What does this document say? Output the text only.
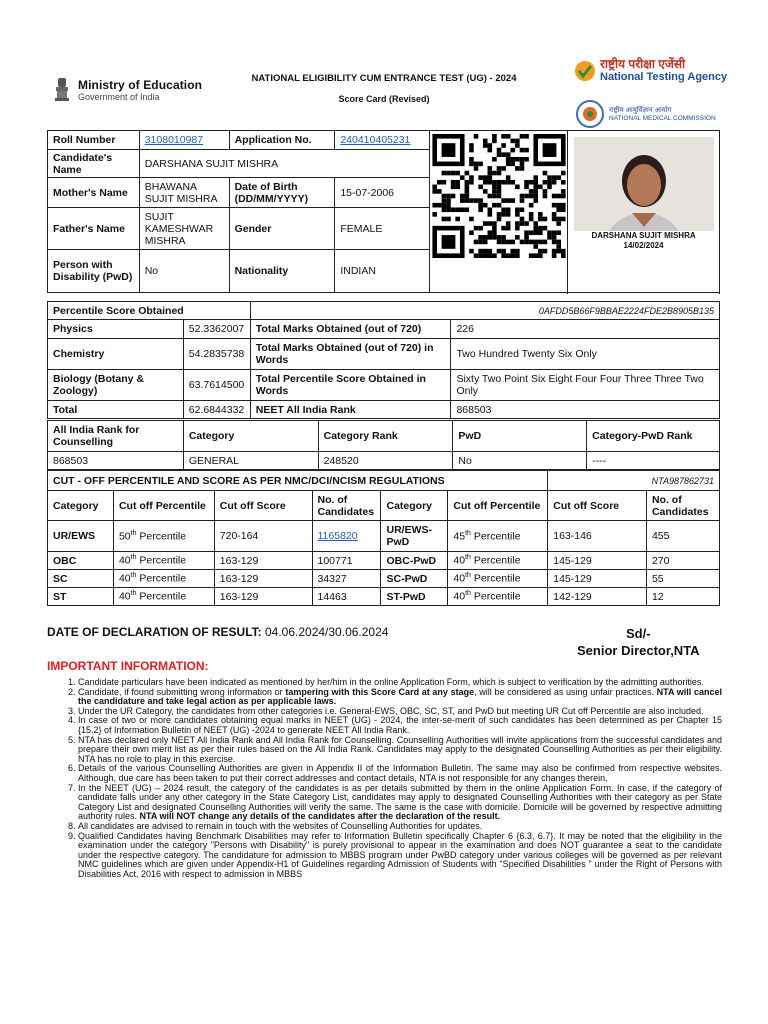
Ministry of Education
Government of India
NATIONAL ELIGIBILITY CUM ENTRANCE TEST (UG) - 2024
Score Card (Revised)
राष्ट्रीय परीक्षा एजेंसी
National Testing Agency
राष्ट्रीय आयुर्विज्ञान आयोग
NATIONAL MEDICAL COMMISSION
Roll Number	3108010987	Application No.	240410405231		DARSHANA SUJIT MISHRA
14/02/2024

Candidate's Name	DARSHANA SUJIT MISHRA				
Mother's Name	BHAWANA SUJIT MISHRA	Date of Birth (DD/MM/YYYY)	15-07-2006		
Father's Name	SUJIT KAMESHWAR MISHRA	Gender	FEMALE		
Person with Disability (PwD)	No	Nationality	INDIAN		

Percentile Score Obtained		0AFDD5B66F9BBAE2224FDE2B8905B135	
Physics	52.3362007	Total Marks Obtained (out of 720)	226
Chemistry	54.2835738	Total Marks Obtained (out of 720) in Words	Two Hundred Twenty Six Only
Biology (Botany & Zoology)	63.7614500	Total Percentile Score Obtained in Words	Sixty Two Point Six Eight Four Four Three Three Two Only
Total	62.6844332	NEET All India Rank	868503
All India Rank for Counselling	Category	Category Rank	PwD	Category-PwD Rank
868503	GENERAL	248520	No	----
CUT - OFF PERCENTILE AND SCORE AS PER NMC/DCI/NCISM REGULATIONS						NTA987862731	
Category	Cut off Percentile	Cut off Score	No. of Candidates	Category	Cut off Percentile	Cut off Score	No. of Candidates
UR/EWS	50th Percentile	720-164	1165820	UR/EWS-PwD	45th Percentile	163-146	455
OBC	40th Percentile	163-129	100771	OBC-PwD	40th Percentile	145-129	270
SC	40th Percentile	163-129	34327	SC-PwD	40th Percentile	145-129	55
ST	40th Percentile	163-129	14463	ST-PwD	40th Percentile	142-129	12
DATE OF DECLARATION OF RESULT: 04.06.2024/30.06.2024	Sd/-
Senior Director,NTA
IMPORTANT INFORMATION:
1. Candidate particulars have been indicated as mentioned by her/him in the online Application Form, which is subject to verification by the admitting authorities.
2. Candidate, if found submitting wrong information or tampering with this Score Card at any stage, will be considered as using unfair practices. NTA will cancel the candidature and take legal action as per applicable laws.
3. Under the UR Category, the candidates from other categories i.e. General-EWS, OBC, SC, ST, and PwD but meeting UR Cut off Percentile are also included.
4. In case of two or more candidates obtaining equal marks in NEET (UG) - 2024, the inter-se-merit of such candidates has been determined as per Chapter 15 {15.2} of Information Bulletin of NEET (UG) -2024 to generate NEET All India Rank.
5. NTA has declared only NEET All India Rank and All India Rank for Counselling. Counselling Authorities will invite applications from the successful candidates and prepare their own merit list as per their rules based on the All India Rank. Candidates may apply to the designated Counselling Authorities as per their eligibility. NTA has no role to play in this exercise.
6. Details of the various Counselling Authorities are given in Appendix II of the Information Bulletin. The same may also be confirmed from respective websites. Although, due care has been taken to put their correct addresses and contact details, NTA is not responsible for any changes therein.
7. In the NEET (UG) – 2024 result, the category of the candidates is as per details submitted by them in the online Application Form. In case, if the category of candidate falls under any other category in the State Category List, candidates may apply to designated Counselling Authorities with their category as per State Category List and designated Counselling Authorities will verify the same. The same is the case with domicile. Domicile will be governed by respective admitting authority rules. NTA will NOT change any details of the candidates after the declaration of the result.
8. All candidates are advised to remain in touch with the websites of Counselling Authorities for updates.
9. Qualified Candidates having Benchmark Disabilities may refer to Information Bulletin specifically Chapter 6 {6.3, 6.7}. It may be noted that the eligibility in the examination under the category "Persons with Disability" is purely provisional to appear in the examination and does NOT guarantee a seat to the candidate under the respective category. The candidature for admission to MBBS program under PwBD category under various colleges will be governed as per relevant NMC guidelines which are given under Appendix-H1 of Guidelines regarding Admission of Students with "Specified Disabilities " under the Right of Persons with Disabilities Act, 2016 with respect to admission in MBBS
